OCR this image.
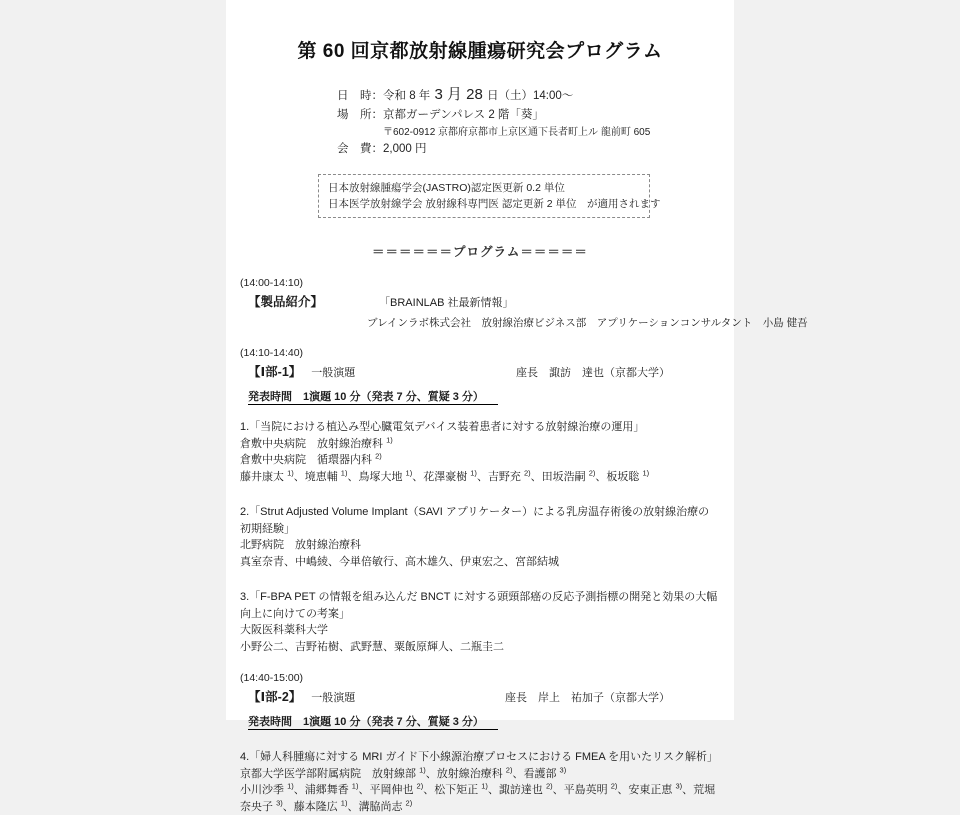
第 60 回京都放射線腫瘍研究会プログラム
日　時：令和 8 年 3 月 28 日（土）14:00～
場　所：京都ガーデンパレス 2 階「葵」
〒602-0912 京都府京都市上京区通下長者町上ル 龍前町 605
会　費：2,000 円
日本放射線腫瘍学会(JASTRO)認定医更新 0.2 単位
日本医学放射線学会 放射線科専門医 認定更新 2 単位　が適用されます
＝＝＝＝＝＝プログラム＝＝＝＝＝
(14:00-14:10)
【製品紹介】	「BRAINLAB 社最新情報」
ブレインラボ株式会社　放射線治療ビジネス部　アプリケーションコンサルタント　小島 健吾
(14:10-14:40)
【Ⅰ部-1】 一般演題	座長　諏訪　達也（京都大学）
発表時間　1演題 10 分（発表 7 分、質疑 3 分）
1.「当院における植込み型心臓電気デバイス装着患者に対する放射線治療の運用」
倉敷中央病院　放射線治療科 $^{1)}$
倉敷中央病院　循環器内科 $^{2)}$
藤井康太 $^{1)}$、境恵輔 $^{1)}$、鳥塚大地 $^{1)}$、花澤豪樹 $^{1)}$、吉野充 $^{2)}$、田坂浩嗣 $^{2)}$、板坂聡 $^{1)}$
2.「Strut Adjusted Volume Implant（SAVI アプリケーター）による乳房温存術後の放射線治療の初期経験」
北野病院　放射線治療科
真室奈青、中嶋綾、今単倍敏行、高木雄久、伊東宏之、宮部結城
3.「F-BPA PET の情報を組み込んだ BNCT に対する頭頸部癌の反応予測指標の開発と効果の大幅向上に向けての考案」
大阪医科薬科大学
小野公二、吉野祐樹、武野慧、粟飯原輝人、二瓶圭二
(14:40-15:00)
【Ⅰ部-2】 一般演題	座長　岸上　祐加子（京都大学）
発表時間　1演題 10 分（発表 7 分、質疑 3 分）
4.「婦人科腫瘍に対する MRI ガイド下小線源治療プロセスにおける FMEA を用いたリスク解析」
京都大学医学部附属病院　放射線部 $^{1)}$、放射線治療科 $^{2)}$、看護部 $^{3)}$
小川沙季 $^{1)}$、浦郷舞香 $^{1)}$、平岡伸也 $^{2)}$、松下矩正 $^{1)}$、諏訪達也 $^{2)}$、平島英明 $^{2)}$、安東正恵 $^{3)}$、荒堀奈央子 $^{3)}$、藤本隆広 $^{1)}$、溝脇尚志 $^{2)}$
